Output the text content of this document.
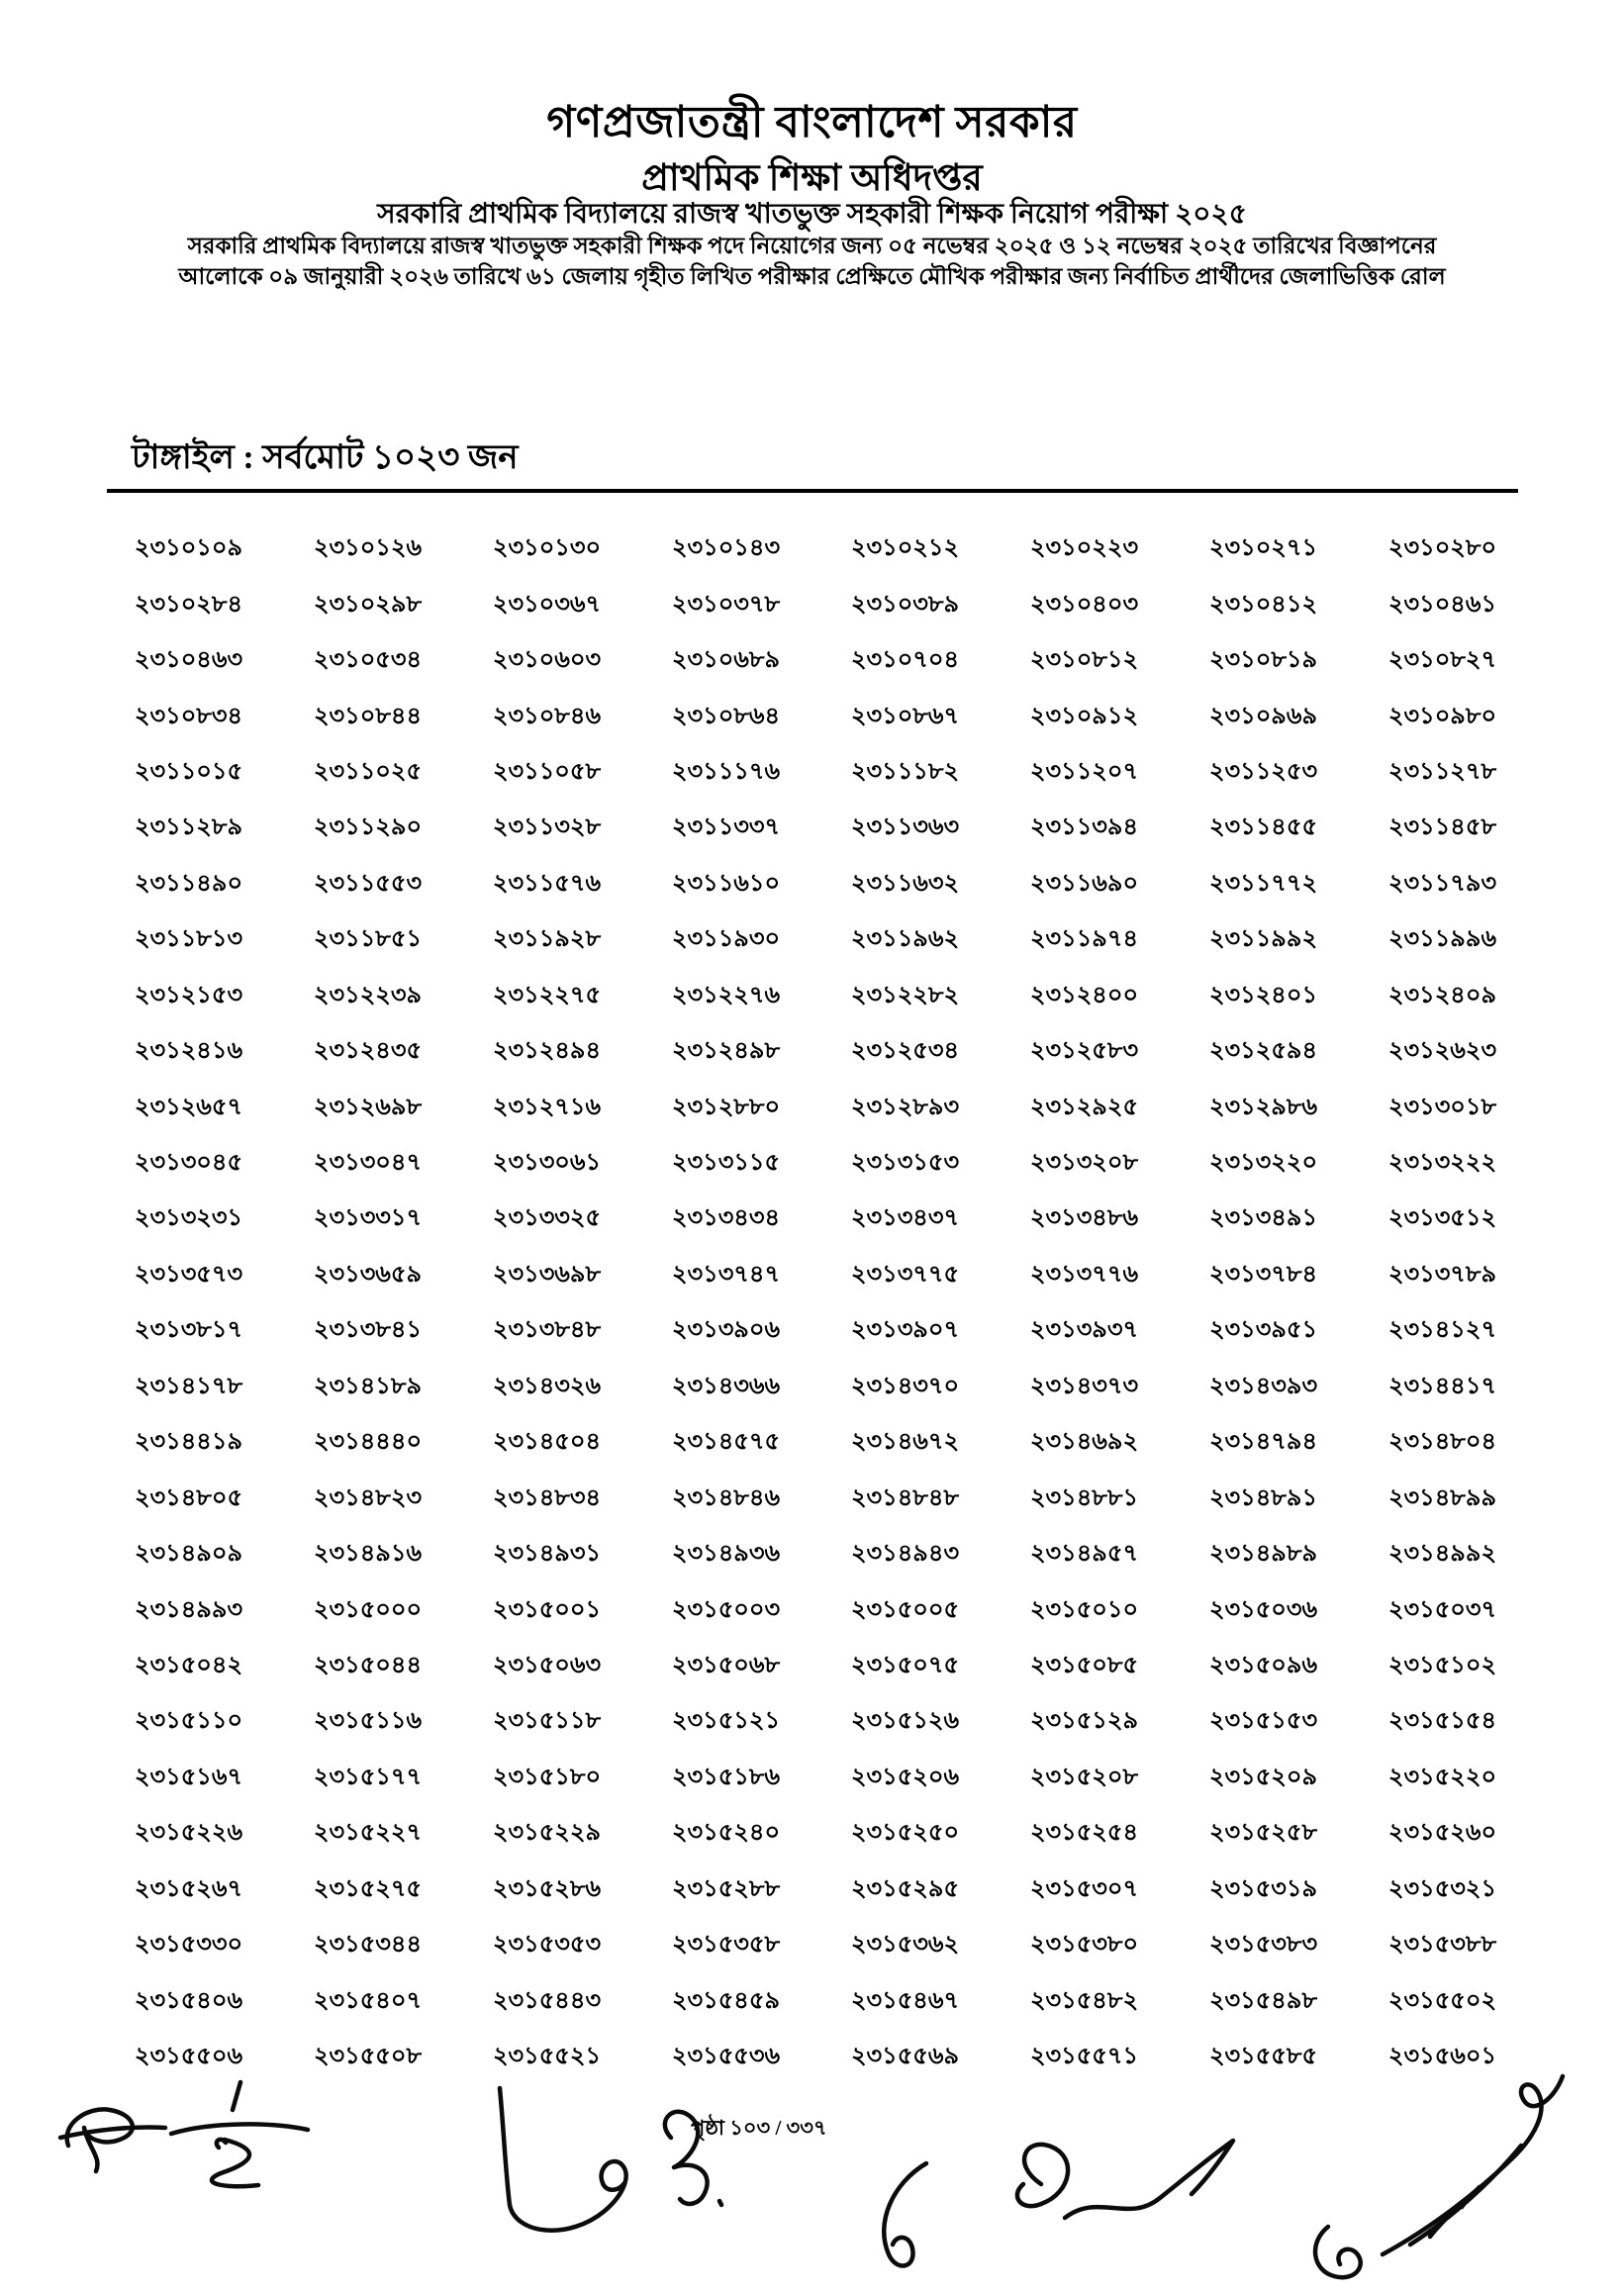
গণপ্রজাতন্ত্রী বাংলাদেশ সরকার
প্রাথমিক শিক্ষা অধিদপ্তর
সরকারি প্রাথমিক বিদ্যালয়ে রাজস্ব খাতভুক্ত সহকারী শিক্ষক নিয়োগ পরীক্ষা ২০২৫
সরকারি প্রাথমিক বিদ্যালয়ে রাজস্ব খাতভুক্ত সহকারী শিক্ষক পদে নিয়োগের জন্য ০৫ নভেম্বর ২০২৫ ও ১২ নভেম্বর ২০২৫ তারিখের বিজ্ঞাপনের
আলোকে ০৯ জানুয়ারী ২০২৬ তারিখে ৬১ জেলায় গৃহীত লিখিত পরীক্ষার প্রেক্ষিতে মৌখিক পরীক্ষার জন্য নির্বাচিত প্রার্থীদের জেলাভিত্তিক রোল
টাঙ্গাইল : সর্বমোট ১০২৩ জন
২৩১০১০৯	২৩১০১২৬	২৩১০১৩০	২৩১০১৪৩	২৩১০২১২	২৩১০২২৩	২৩১০২৭১	২৩১০২৮০
২৩১০২৮৪	২৩১০২৯৮	২৩১০৩৬৭	২৩১০৩৭৮	২৩১০৩৮৯	২৩১০৪০৩	২৩১০৪১২	২৩১০৪৬১
২৩১০৪৬৩	২৩১০৫৩৪	২৩১০৬০৩	২৩১০৬৮৯	২৩১০৭০৪	২৩১০৮১২	২৩১০৮১৯	২৩১০৮২৭
২৩১০৮৩৪	২৩১০৮৪৪	২৩১০৮৪৬	২৩১০৮৬৪	২৩১০৮৬৭	২৩১০৯১২	২৩১০৯৬৯	২৩১০৯৮০
২৩১১০১৫	২৩১১০২৫	২৩১১০৫৮	২৩১১১৭৬	২৩১১১৮২	২৩১১২০৭	২৩১১২৫৩	২৩১১২৭৮
২৩১১২৮৯	২৩১১২৯০	২৩১১৩২৮	২৩১১৩৩৭	২৩১১৩৬৩	২৩১১৩৯৪	২৩১১৪৫৫	২৩১১৪৫৮
২৩১১৪৯০	২৩১১৫৫৩	২৩১১৫৭৬	২৩১১৬১০	২৩১১৬৩২	২৩১১৬৯০	২৩১১৭৭২	২৩১১৭৯৩
২৩১১৮১৩	২৩১১৮৫১	২৩১১৯২৮	২৩১১৯৩০	২৩১১৯৬২	২৩১১৯৭৪	২৩১১৯৯২	২৩১১৯৯৬
২৩১২১৫৩	২৩১২২৩৯	২৩১২২৭৫	২৩১২২৭৬	২৩১২২৮২	২৩১২৪০০	২৩১২৪০১	২৩১২৪০৯
২৩১২৪১৬	২৩১২৪৩৫	২৩১২৪৯৪	২৩১২৪৯৮	২৩১২৫৩৪	২৩১২৫৮৩	২৩১২৫৯৪	২৩১২৬২৩
২৩১২৬৫৭	২৩১২৬৯৮	২৩১২৭১৬	২৩১২৮৮০	২৩১২৮৯৩	২৩১২৯২৫	২৩১২৯৮৬	২৩১৩০১৮
২৩১৩০৪৫	২৩১৩০৪৭	২৩১৩০৬১	২৩১৩১১৫	২৩১৩১৫৩	২৩১৩২০৮	২৩১৩২২০	২৩১৩২২২
২৩১৩২৩১	২৩১৩৩১৭	২৩১৩৩২৫	২৩১৩৪৩৪	২৩১৩৪৩৭	২৩১৩৪৮৬	২৩১৩৪৯১	২৩১৩৫১২
২৩১৩৫৭৩	২৩১৩৬৫৯	২৩১৩৬৯৮	২৩১৩৭৪৭	২৩১৩৭৭৫	২৩১৩৭৭৬	২৩১৩৭৮৪	২৩১৩৭৮৯
২৩১৩৮১৭	২৩১৩৮৪১	২৩১৩৮৪৮	২৩১৩৯০৬	২৩১৩৯০৭	২৩১৩৯৩৭	২৩১৩৯৫১	২৩১৪১২৭
২৩১৪১৭৮	২৩১৪১৮৯	২৩১৪৩২৬	২৩১৪৩৬৬	২৩১৪৩৭০	২৩১৪৩৭৩	২৩১৪৩৯৩	২৩১৪৪১৭
২৩১৪৪১৯	২৩১৪৪৪০	২৩১৪৫০৪	২৩১৪৫৭৫	২৩১৪৬৭২	২৩১৪৬৯২	২৩১৪৭৯৪	২৩১৪৮০৪
২৩১৪৮০৫	২৩১৪৮২৩	২৩১৪৮৩৪	২৩১৪৮৪৬	২৩১৪৮৪৮	২৩১৪৮৮১	২৩১৪৮৯১	২৩১৪৮৯৯
২৩১৪৯০৯	২৩১৪৯১৬	২৩১৪৯৩১	২৩১৪৯৩৬	২৩১৪৯৪৩	২৩১৪৯৫৭	২৩১৪৯৮৯	২৩১৪৯৯২
২৩১৪৯৯৩	২৩১৫০০০	২৩১৫০০১	২৩১৫০০৩	২৩১৫০০৫	২৩১৫০১০	২৩১৫০৩৬	২৩১৫০৩৭
২৩১৫০৪২	২৩১৫০৪৪	২৩১৫০৬৩	২৩১৫০৬৮	২৩১৫০৭৫	২৩১৫০৮৫	২৩১৫০৯৬	২৩১৫১০২
২৩১৫১১০	২৩১৫১১৬	২৩১৫১১৮	২৩১৫১২১	২৩১৫১২৬	২৩১৫১২৯	২৩১৫১৫৩	২৩১৫১৫৪
২৩১৫১৬৭	২৩১৫১৭৭	২৩১৫১৮০	২৩১৫১৮৬	২৩১৫২০৬	২৩১৫২০৮	২৩১৫২০৯	২৩১৫২২০
২৩১৫২২৬	২৩১৫২২৭	২৩১৫২২৯	২৩১৫২৪০	২৩১৫২৫০	২৩১৫২৫৪	২৩১৫২৫৮	২৩১৫২৬০
২৩১৫২৬৭	২৩১৫২৭৫	২৩১৫২৮৬	২৩১৫২৮৮	২৩১৫২৯৫	২৩১৫৩০৭	২৩১৫৩১৯	২৩১৫৩২১
২৩১৫৩৩০	২৩১৫৩৪৪	২৩১৫৩৫৩	২৩১৫৩৫৮	২৩১৫৩৬২	২৩১৫৩৮০	২৩১৫৩৮৩	২৩১৫৩৮৮
২৩১৫৪০৬	২৩১৫৪০৭	২৩১৫৪৪৩	২৩১৫৪৫৯	২৩১৫৪৬৭	২৩১৫৪৮২	২৩১৫৪৯৮	২৩১৫৫০২
২৩১৫৫০৬	২৩১৫৫০৮	২৩১৫৫২১	২৩১৫৫৩৬	২৩১৫৫৬৯	২৩১৫৫৭১	২৩১৫৫৮৫	২৩১৫৬০১
পৃষ্ঠা ১০৩ / ৩৩৭
